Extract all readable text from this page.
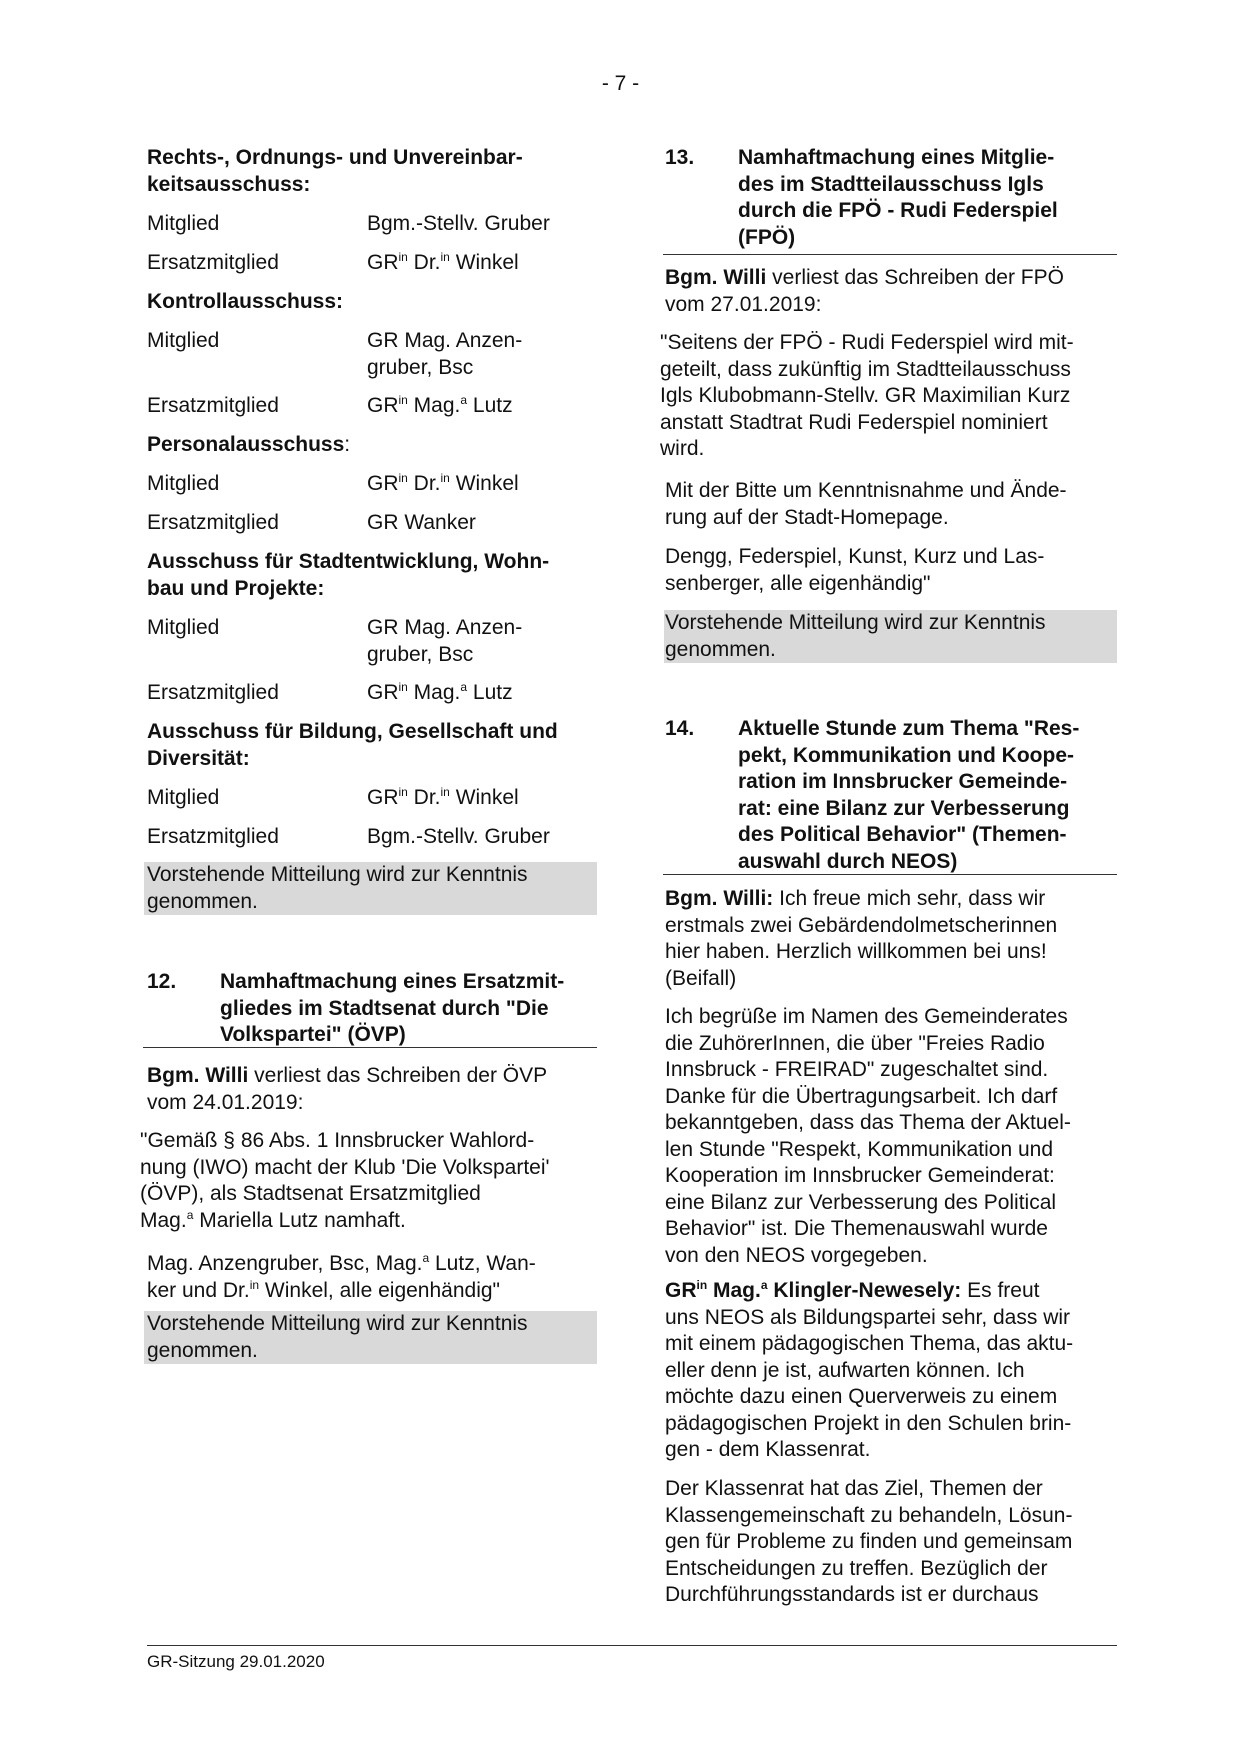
- 7 -
Rechts-, Ordnungs- und Unvereinbar-
keitsausschuss:
Mitglied	Bgm.-Stellv. Gruber
Ersatzmitglied	$GR^{in}$ Dr.$^{in}$ Winkel
Kontrollausschuss:
Mitglied	GR Mag. Anzen-
gruber, Bsc
Ersatzmitglied	$GR^{in}$ Mag.$^a$ Lutz
Personalausschuss:
Mitglied	$GR^{in}$ Dr.$^{in}$ Winkel
Ersatzmitglied	GR Wanker
Ausschuss für Stadtentwicklung, Wohn-
bau und Projekte:
Mitglied	GR Mag. Anzen-
gruber, Bsc
Ersatzmitglied	$GR^{in}$ Mag.$^a$ Lutz
Ausschuss für Bildung, Gesellschaft und
Diversität:
Mitglied	$GR^{in}$ Dr.$^{in}$ Winkel
Ersatzmitglied	Bgm.-Stellv. Gruber
Vorstehende Mitteilung wird zur Kenntnis
genommen.
12. Namhaftmachung eines Ersatzmit-
gliedes im Stadtsenat durch "Die
Volkspartei" (ÖVP)
Bgm. Willi verliest das Schreiben der ÖVP
vom 24.01.2019:
"Gemäß § 86 Abs. 1 Innsbrucker Wahlord-
nung (IWO) macht der Klub 'Die Volkspartei'
(ÖVP), als Stadtsenat Ersatzmitglied
Mag.$^a$ Mariella Lutz namhaft.
Mag. Anzengruber, Bsc, Mag.$^a$ Lutz, Wan-
ker und Dr.$^{in}$ Winkel, alle eigenhändig"
Vorstehende Mitteilung wird zur Kenntnis
genommen.
13. Namhaftmachung eines Mitglie-
des im Stadtteilausschuss Igls
durch die FPÖ - Rudi Federspiel
(FPÖ)
Bgm. Willi verliest das Schreiben der FPÖ
vom 27.01.2019:
"Seitens der FPÖ - Rudi Federspiel wird mit-
geteilt, dass zukünftig im Stadtteilausschuss
Igls Klubobmann-Stellv. GR Maximilian Kurz
anstatt Stadtrat Rudi Federspiel nominiert
wird.
Mit der Bitte um Kenntnisnahme und Ände-
rung auf der Stadt-Homepage.
Dengg, Federspiel, Kunst, Kurz und Las-
senberger, alle eigenhändig"
Vorstehende Mitteilung wird zur Kenntnis
genommen.
14. Aktuelle Stunde zum Thema "Res-
pekt, Kommunikation und Koope-
ration im Innsbrucker Gemeinde-
rat: eine Bilanz zur Verbesserung
des Political Behavior" (Themen-
auswahl durch NEOS)
Bgm. Willi: Ich freue mich sehr, dass wir
erstmals zwei Gebärdendolmetscherinnen
hier haben. Herzlich willkommen bei uns!
(Beifall)
Ich begrüße im Namen des Gemeinderates
die ZuhörerInnen, die über "Freies Radio
Innsbruck - FREIRAD" zugeschaltet sind.
Danke für die Übertragungsarbeit. Ich darf
bekanntgeben, dass das Thema der Aktuel-
len Stunde "Respekt, Kommunikation und
Kooperation im Innsbrucker Gemeinderat:
eine Bilanz zur Verbesserung des Political
Behavior" ist. Die Themenauswahl wurde
von den NEOS vorgegeben.
$GR^{in}$ Mag.$^a$ Klingler-Newesely: Es freut
uns NEOS als Bildungspartei sehr, dass wir
mit einem pädagogischen Thema, das aktu-
eller denn je ist, aufwarten können. Ich
möchte dazu einen Querverweis zu einem
pädagogischen Projekt in den Schulen brin-
gen - dem Klassenrat.
Der Klassenrat hat das Ziel, Themen der
Klassengemeinschaft zu behandeln, Lösun-
gen für Probleme zu finden und gemeinsam
Entscheidungen zu treffen. Bezüglich der
Durchführungsstandards ist er durchaus
GR-Sitzung 29.01.2020
